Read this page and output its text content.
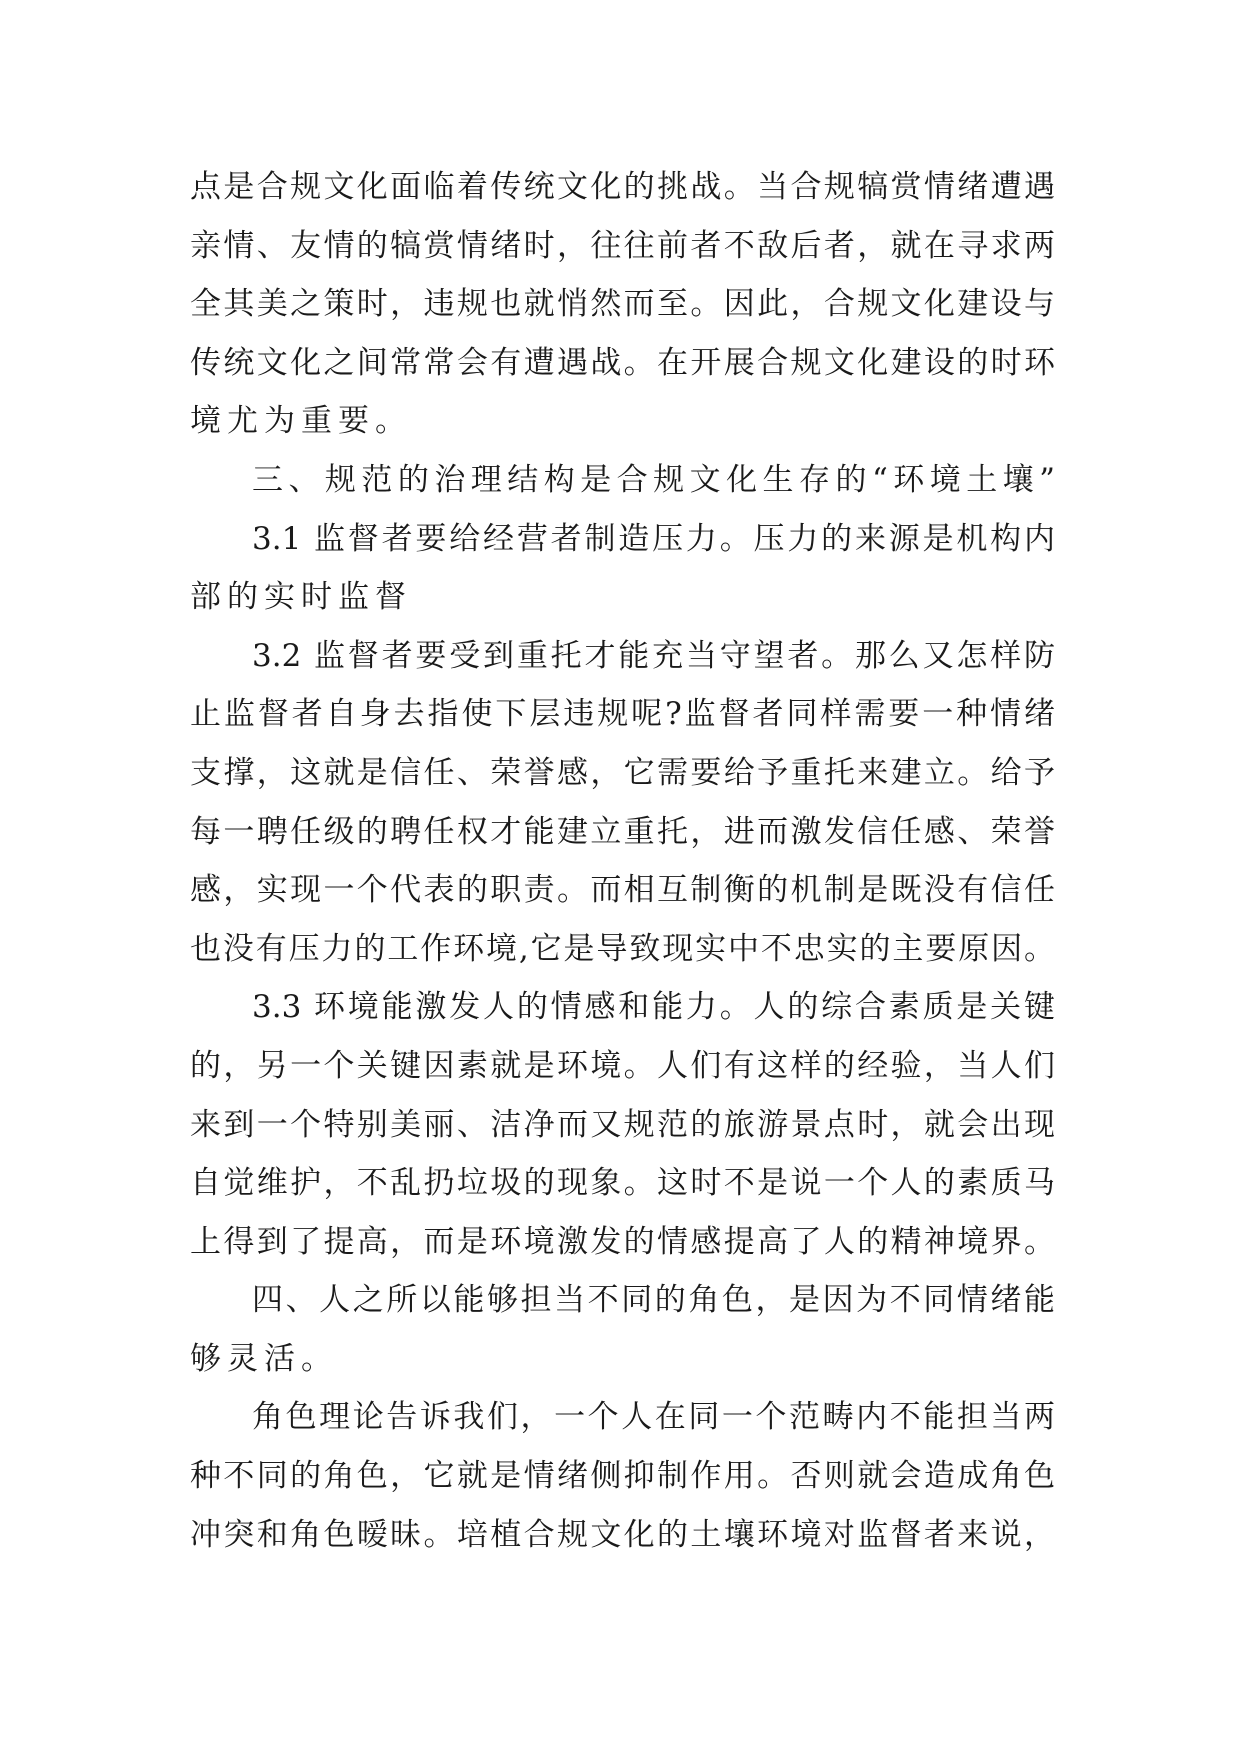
点是合规文化面临着传统文化的挑战。当合规犒赏情绪遭遇
亲情、友情的犒赏情绪时，往往前者不敌后者，就在寻求两
全其美之策时，违规也就悄然而至。因此，合规文化建设与
传统文化之间常常会有遭遇战。在开展合规文化建设的时环
境尤为重要。
三、规范的治理结构是合规文化生存的“环境土壤”
3.1 监督者要给经营者制造压力。压力的来源是机构内
部的实时监督
3.2 监督者要受到重托才能充当守望者。那么又怎样防
止监督者自身去指使下层违规呢?监督者同样需要一种情绪
支撑，这就是信任、荣誉感，它需要给予重托来建立。给予
每一聘任级的聘任权才能建立重托，进而激发信任感、荣誉
感，实现一个代表的职责。而相互制衡的机制是既没有信任
也没有压力的工作环境,它是导致现实中不忠实的主要原因。
3.3 环境能激发人的情感和能力。人的综合素质是关键
的，另一个关键因素就是环境。人们有这样的经验，当人们
来到一个特别美丽、洁净而又规范的旅游景点时，就会出现
自觉维护，不乱扔垃圾的现象。这时不是说一个人的素质马
上得到了提高，而是环境激发的情感提高了人的精神境界。
四、人之所以能够担当不同的角色，是因为不同情绪能
够灵活。
角色理论告诉我们，一个人在同一个范畴内不能担当两
种不同的角色，它就是情绪侧抑制作用。否则就会造成角色
冲突和角色暧昧。培植合规文化的土壤环境对监督者来说，
